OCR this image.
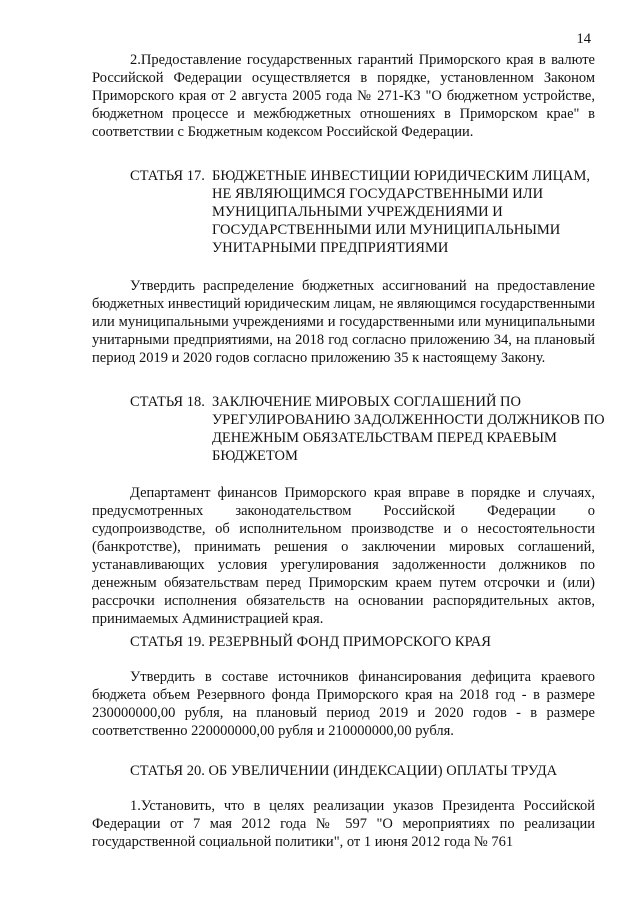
14

2.Предоставление государственных гарантий Приморского края в валюте Российской Федерации осуществляется в порядке, установленном Законом Приморского края от 2 августа 2005 года № 271-КЗ "О бюджетном устройстве, бюджетном процессе и межбюджетных отношениях в Приморском крае" в соответствии с Бюджетным кодексом Российской Федерации.

СТАТЬЯ 17. БЮДЖЕТНЫЕ ИНВЕСТИЦИИ ЮРИДИЧЕСКИМ ЛИЦАМ, НЕ ЯВЛЯЮЩИМСЯ ГОСУДАРСТВЕННЫМИ ИЛИ МУНИЦИПАЛЬНЫМИ УЧРЕЖДЕНИЯМИ И ГОСУДАРСТВЕННЫМИ ИЛИ МУНИЦИПАЛЬНЫМИ УНИТАРНЫМИ ПРЕДПРИЯТИЯМИ

Утвердить распределение бюджетных ассигнований на предоставление бюджетных инвестиций юридическим лицам, не являющимся государственными или муниципальными учреждениями и государственными или муниципальными унитарными предприятиями, на 2018 год согласно приложению 34, на плановый период 2019 и 2020 годов согласно приложению 35 к настоящему Закону.

СТАТЬЯ 18. ЗАКЛЮЧЕНИЕ МИРОВЫХ СОГЛАШЕНИЙ ПО УРЕГУЛИРОВАНИЮ ЗАДОЛЖЕННОСТИ ДОЛЖНИКОВ ПО ДЕНЕЖНЫМ ОБЯЗАТЕЛЬСТВАМ ПЕРЕД КРАЕВЫМ БЮДЖЕТОМ

Департамент финансов Приморского края вправе в порядке и случаях, предусмотренных законодательством Российской Федерации о судопроизводстве, об исполнительном производстве и о несостоятельности (банкротстве), принимать решения о заключении мировых соглашений, устанавливающих условия урегулирования задолженности должников по денежным обязательствам перед Приморским краем путем отсрочки и (или) рассрочки исполнения обязательств на основании распорядительных актов, принимаемых Администрацией края.

СТАТЬЯ 19. РЕЗЕРВНЫЙ ФОНД ПРИМОРСКОГО КРАЯ

Утвердить в составе источников финансирования дефицита краевого бюджета объем Резервного фонда Приморского края на 2018 год - в размере 230000000,00 рубля, на плановый период 2019 и 2020 годов - в размере соответственно 220000000,00 рубля и 210000000,00 рубля.

СТАТЬЯ 20. ОБ УВЕЛИЧЕНИИ (ИНДЕКСАЦИИ) ОПЛАТЫ ТРУДА

1.Установить, что в целях реализации указов Президента Российской Федерации от 7 мая 2012 года № 597 "О мероприятиях по реализации государственной социальной политики", от 1 июня 2012 года № 761
